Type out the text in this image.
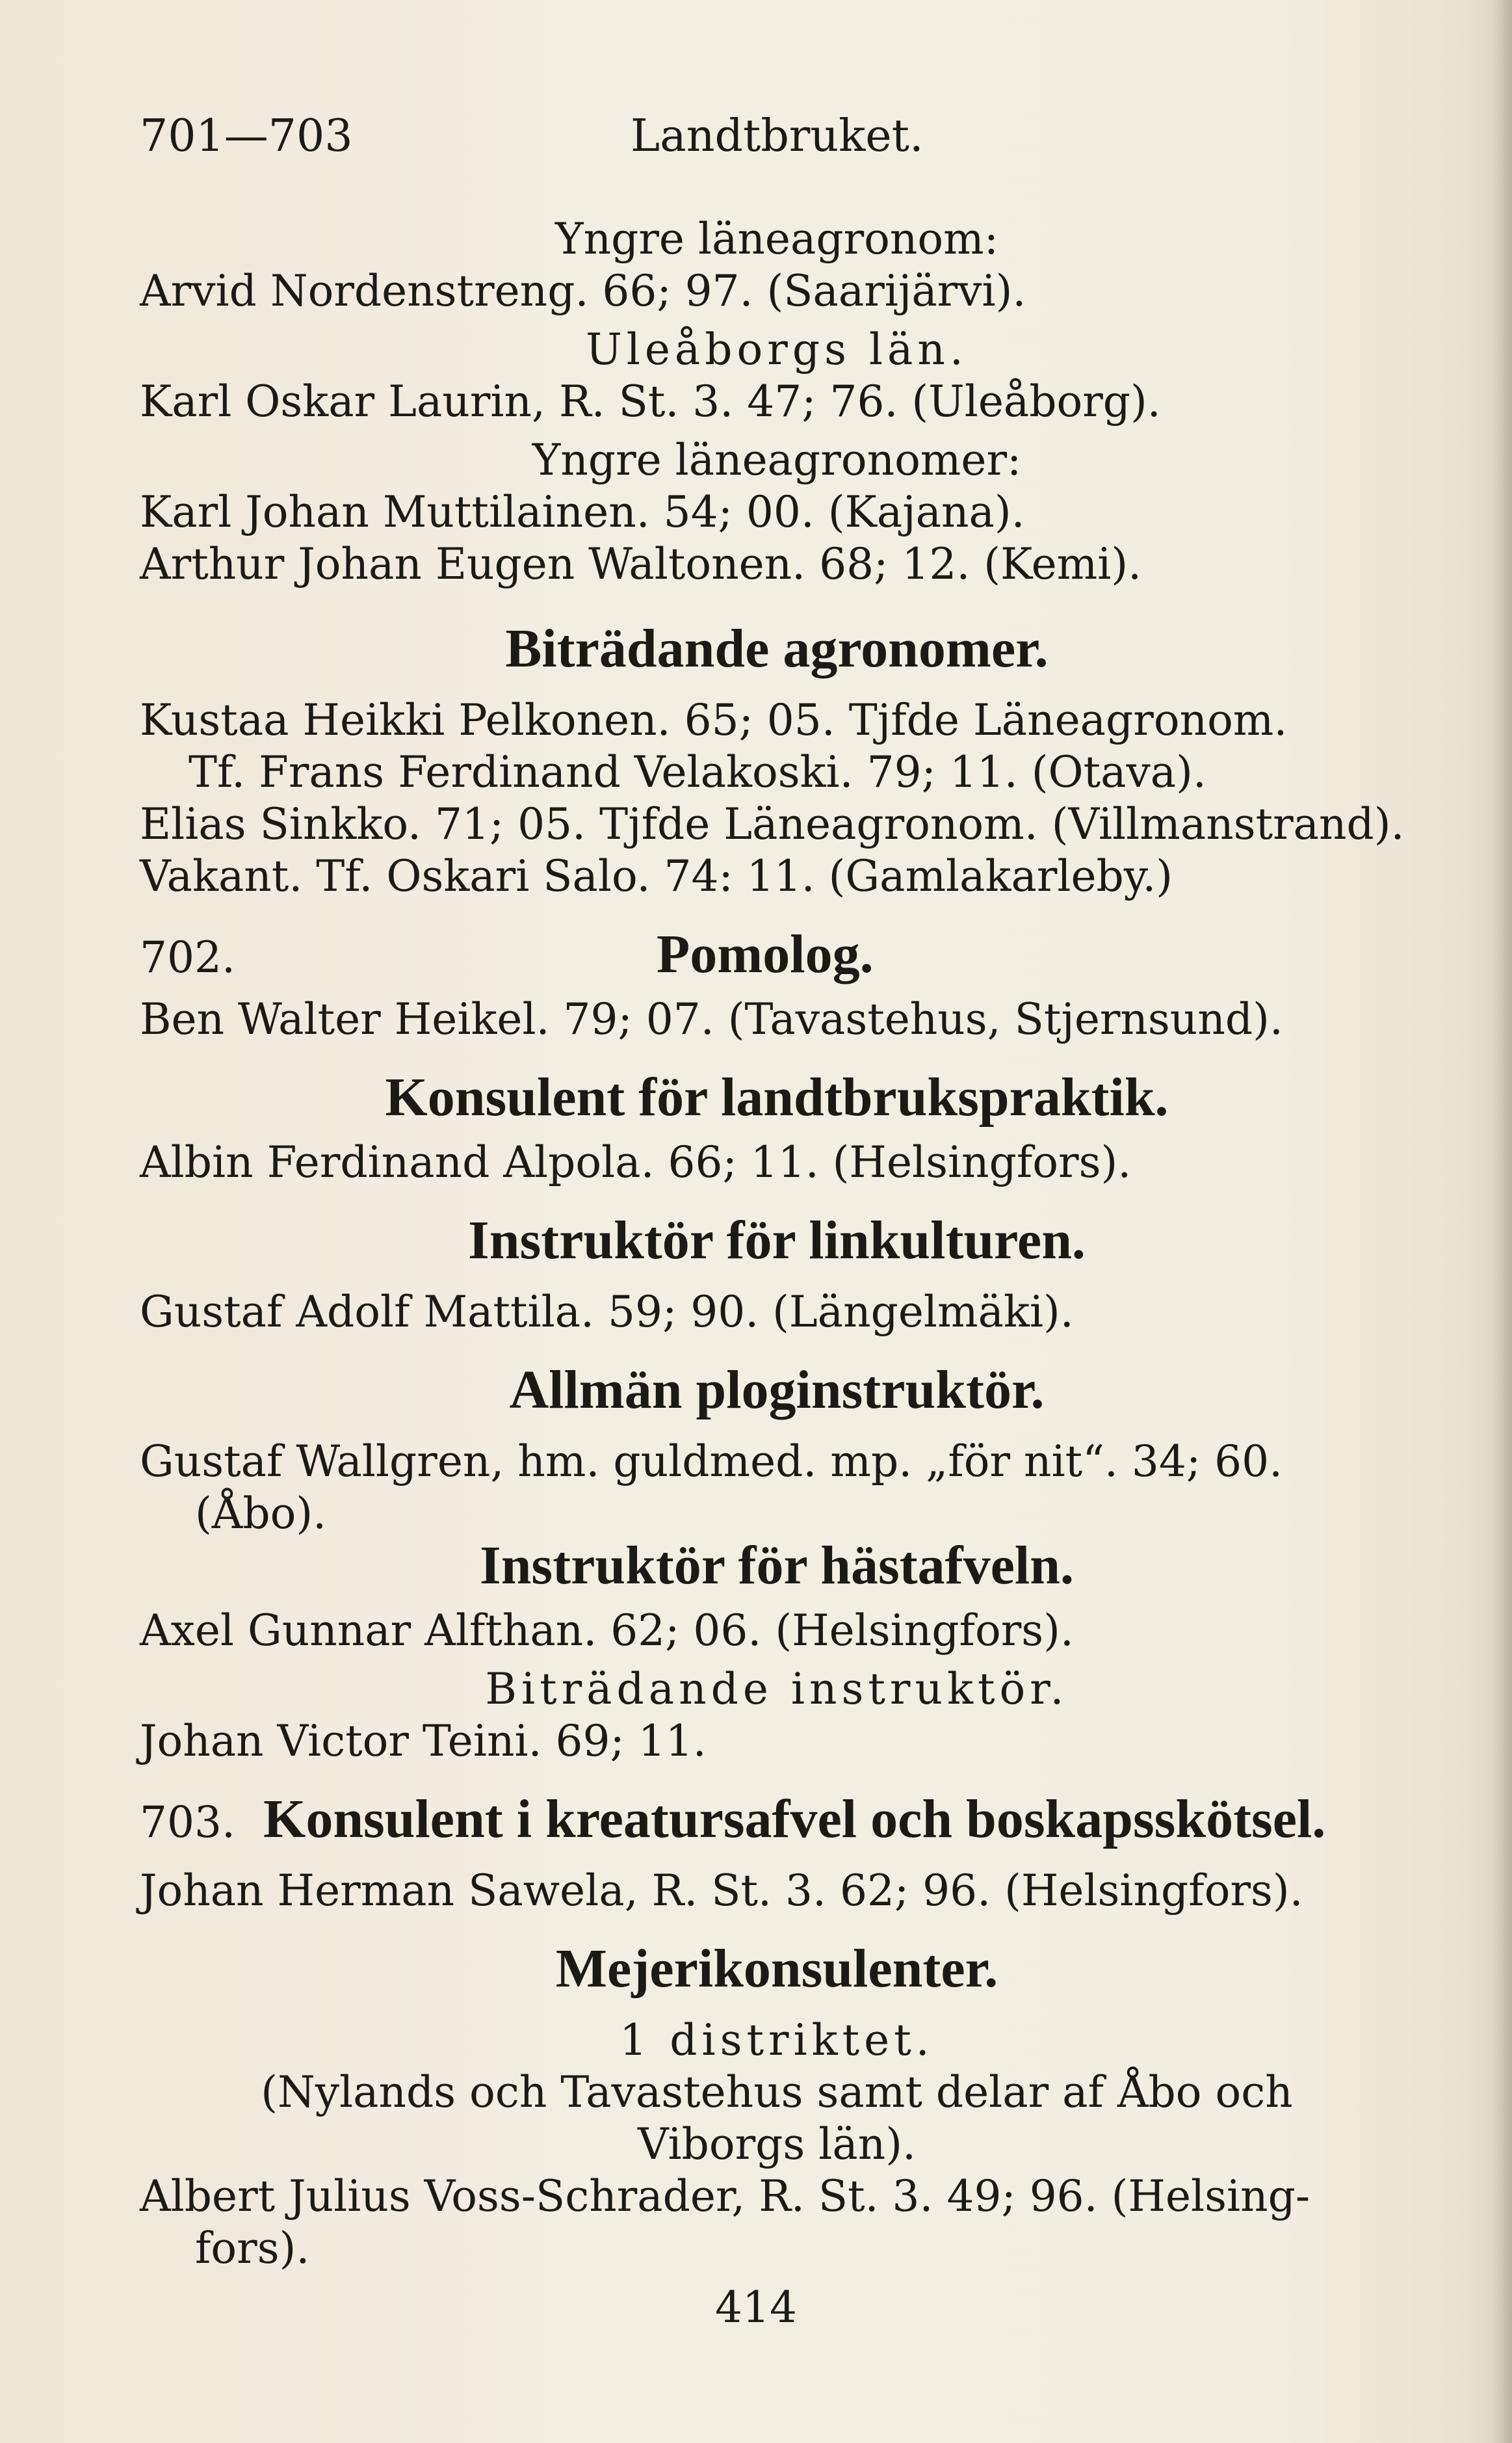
701—703	Landtbruket.
Yngre läneagronom:
Arvid Nordenstreng. 66; 97. (Saarijärvi).
Uleåborgs län.
Karl Oskar Laurin, R. St. 3. 47; 76. (Uleåborg).
Yngre läneagronomer:
Karl Johan Muttilainen. 54; 00. (Kajana).
Arthur Johan Eugen Waltonen. 68; 12. (Kemi).
Biträdande agronomer.
Kustaa Heikki Pelkonen. 65; 05. Tjfde Läneagronom.
Tf. Frans Ferdinand Velakoski. 79; 11. (Otava).
Elias Sinkko. 71; 05. Tjfde Läneagronom. (Villmanstrand).
Vakant. Tf. Oskari Salo. 74: 11. (Gamlakarleby.)
702.	Pomolog.
Ben Walter Heikel. 79; 07. (Tavastehus, Stjernsund).
Konsulent för landtbrukspraktik.
Albin Ferdinand Alpola. 66; 11. (Helsingfors).
Instruktör för linkulturen.
Gustaf Adolf Mattila. 59; 90. (Längelmäki).
Allmän ploginstruktör.
Gustaf Wallgren, hm. guldmed. mp. „för nit“. 34; 60.
(Åbo).
Instruktör för hästafveln.
Axel Gunnar Alfthan. 62; 06. (Helsingfors).
Biträdande instruktör.
Johan Victor Teini. 69; 11.
703. Konsulent i kreatursafvel och boskapsskötsel.
Johan Herman Sawela, R. St. 3. 62; 96. (Helsingfors).
Mejerikonsulenter.
1 distriktet.
(Nylands och Tavastehus samt delar af Åbo och
Viborgs län).
Albert Julius Voss-Schrader, R. St. 3. 49; 96. (Helsing-
fors).
414
